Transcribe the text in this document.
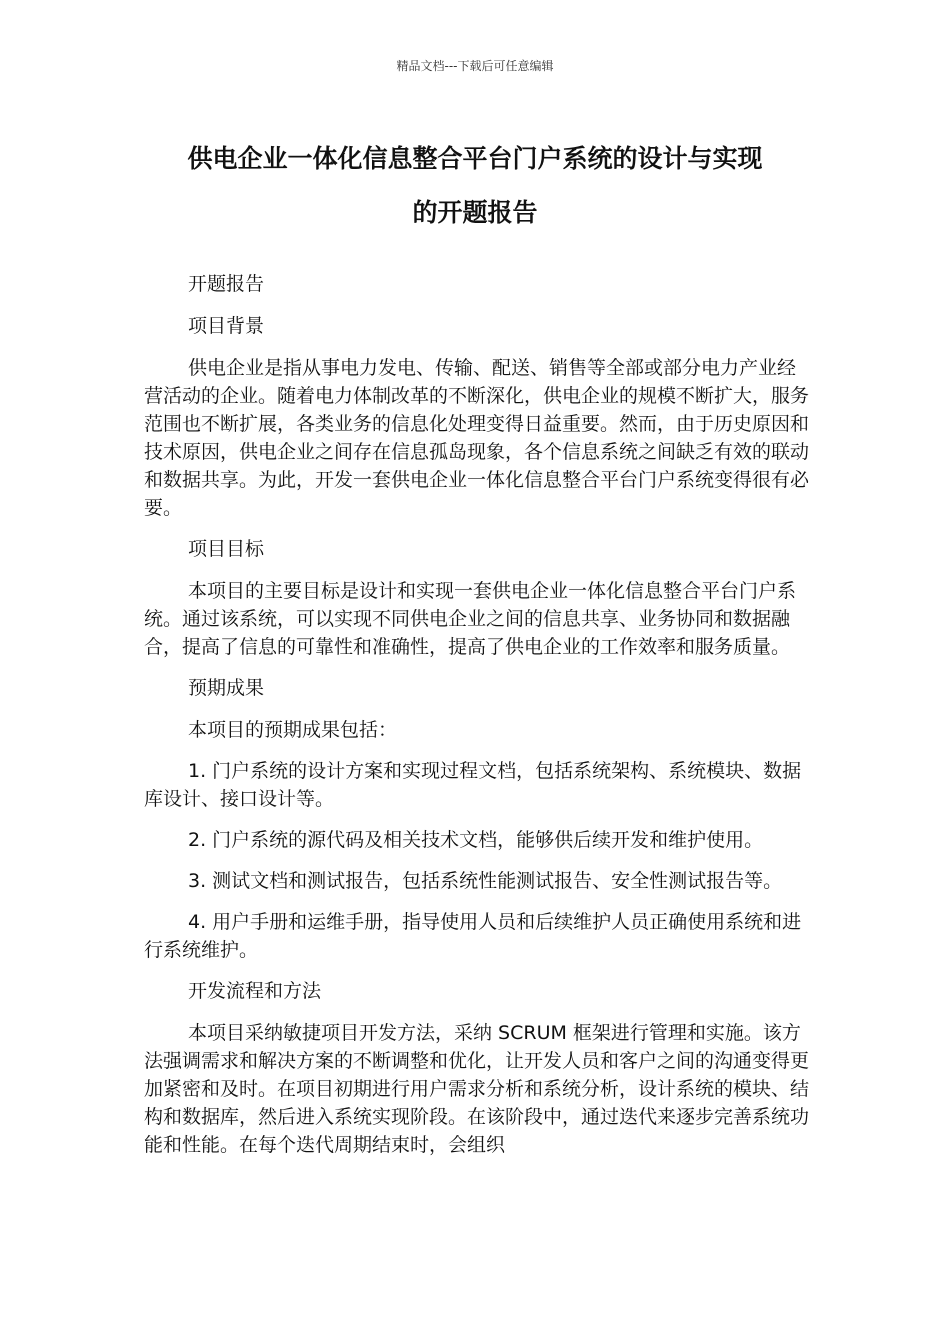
精品文档---下载后可任意编辑
供电企业一体化信息整合平台门户系统的设计与实现
的开题报告

开题报告

项目背景

供电企业是指从事电力发电、传输、配送、销售等全部或部分电力产业经营活动的企业。随着电力体制改革的不断深化，供电企业的规模不断扩大，服务范围也不断扩展，各类业务的信息化处理变得日益重要。然而，由于历史原因和技术原因，供电企业之间存在信息孤岛现象，各个信息系统之间缺乏有效的联动和数据共享。为此，开发一套供电企业一体化信息整合平台门户系统变得很有必要。

项目目标

本项目的主要目标是设计和实现一套供电企业一体化信息整合平台门户系统。通过该系统，可以实现不同供电企业之间的信息共享、业务协同和数据融合，提高了信息的可靠性和准确性，提高了供电企业的工作效率和服务质量。

预期成果

本项目的预期成果包括：

1. 门户系统的设计方案和实现过程文档，包括系统架构、系统模块、数据库设计、接口设计等。

2. 门户系统的源代码及相关技术文档，能够供后续开发和维护使用。

3. 测试文档和测试报告，包括系统性能测试报告、安全性测试报告等。

4. 用户手册和运维手册，指导使用人员和后续维护人员正确使用系统和进行系统维护。

开发流程和方法

本项目采纳敏捷项目开发方法，采纳 SCRUM 框架进行管理和实施。该方法强调需求和解决方案的不断调整和优化，让开发人员和客户之间的沟通变得更加紧密和及时。在项目初期进行用户需求分析和系统分析，设计系统的模块、结构和数据库，然后进入系统实现阶段。在该阶段中，通过迭代来逐步完善系统功能和性能。在每个迭代周期结束时，会组织
